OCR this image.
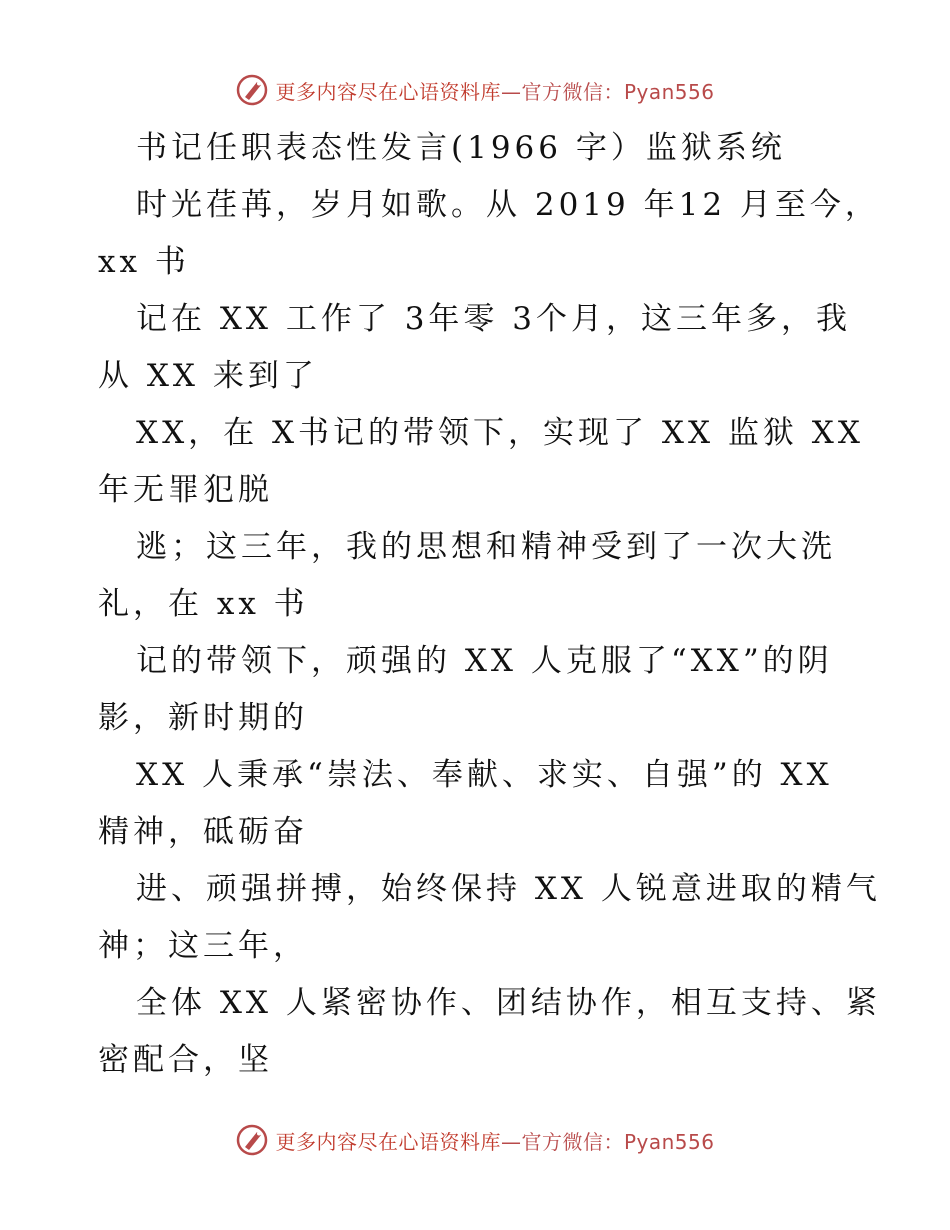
更多内容尽在心语资料库—官方微信：Pyan556
书记任职表态性发言(1966 字）监狱系统
时光荏苒，岁月如歌。从 2019 年12 月至今，
xx 书
记在 XX 工作了 3年零 3个月，这三年多，我
从 XX 来到了
XX，在 X书记的带领下，实现了 XX 监狱 XX
年无罪犯脱
逃；这三年，我的思想和精神受到了一次大洗
礼，在 xx 书
记的带领下，顽强的 XX 人克服了“XX”的阴
影，新时期的
XX 人秉承“崇法、奉献、求实、自强”的 XX
精神，砥砺奋
进、顽强拼搏，始终保持 XX 人锐意进取的精气
神；这三年，
全体 XX 人紧密协作、团结协作，相互支持、紧
密配合，坚
更多内容尽在心语资料库—官方微信：Pyan556
